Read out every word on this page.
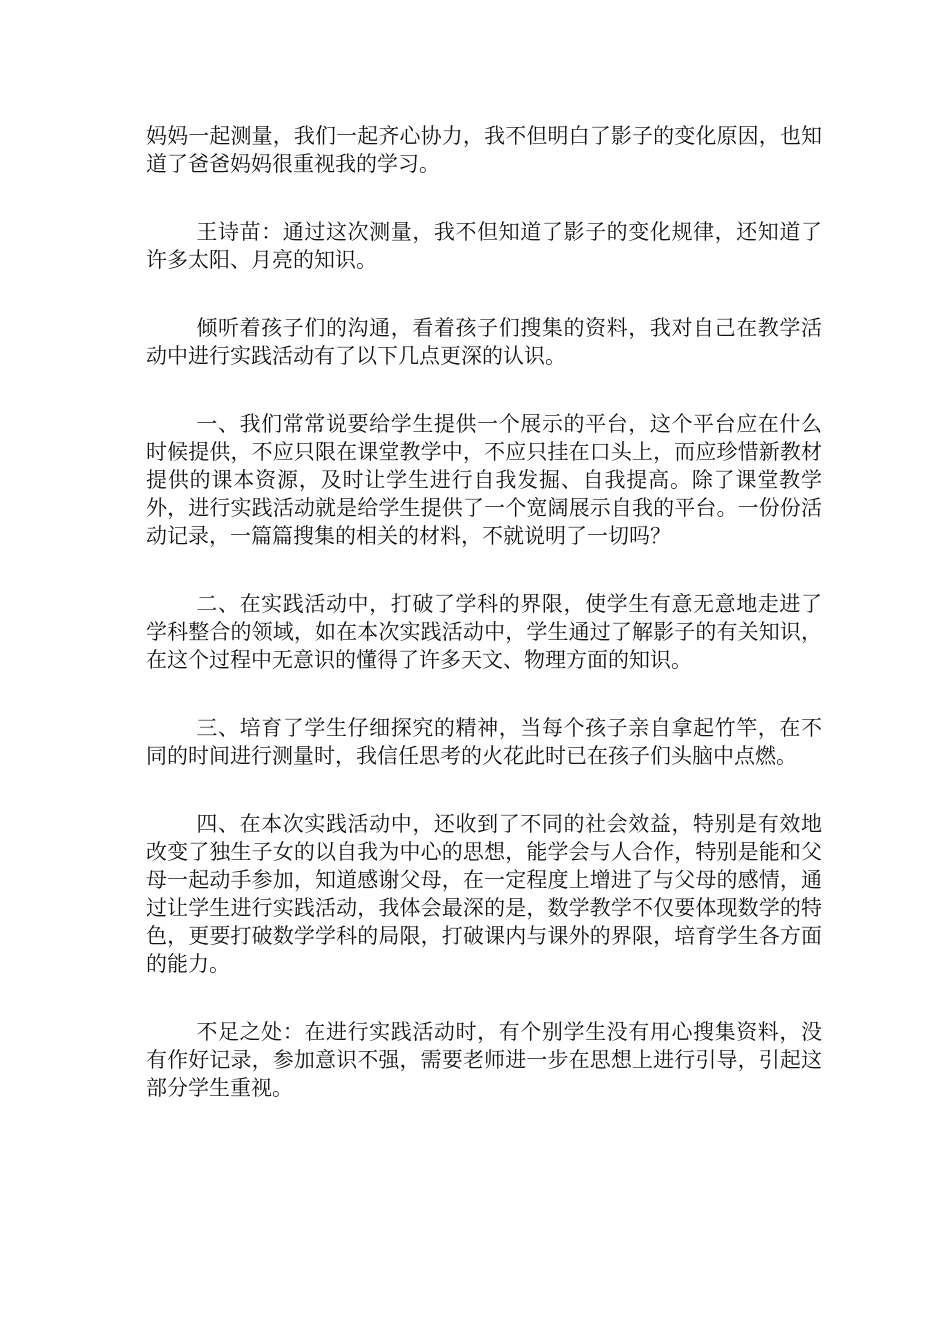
妈妈一起测量，我们一起齐心协力，我不但明白了影子的变化原因，也知道了爸爸妈妈很重视我的学习。

王诗苗：通过这次测量，我不但知道了影子的变化规律，还知道了许多太阳、月亮的知识。

倾听着孩子们的沟通，看着孩子们搜集的资料，我对自己在教学活动中进行实践活动有了以下几点更深的认识。

一、我们常常说要给学生提供一个展示的平台，这个平台应在什么时候提供，不应只限在课堂教学中，不应只挂在口头上，而应珍惜新教材提供的课本资源，及时让学生进行自我发掘、自我提高。除了课堂教学外，进行实践活动就是给学生提供了一个宽阔展示自我的平台。一份份活动记录，一篇篇搜集的相关的材料，不就说明了一切吗？

二、在实践活动中，打破了学科的界限，使学生有意无意地走进了学科整合的领域，如在本次实践活动中，学生通过了解影子的有关知识，在这个过程中无意识的懂得了许多天文、物理方面的知识。

三、培育了学生仔细探究的精神，当每个孩子亲自拿起竹竿，在不同的时间进行测量时，我信任思考的火花此时已在孩子们头脑中点燃。

四、在本次实践活动中，还收到了不同的社会效益，特别是有效地改变了独生子女的以自我为中心的思想，能学会与人合作，特别是能和父母一起动手参加，知道感谢父母，在一定程度上增进了与父母的感情，通过让学生进行实践活动，我体会最深的是，数学教学不仅要体现数学的特色，更要打破数学学科的局限，打破课内与课外的界限，培育学生各方面的能力。

不足之处：在进行实践活动时，有个别学生没有用心搜集资料，没有作好记录，参加意识不强，需要老师进一步在思想上进行引导，引起这部分学生重视。
